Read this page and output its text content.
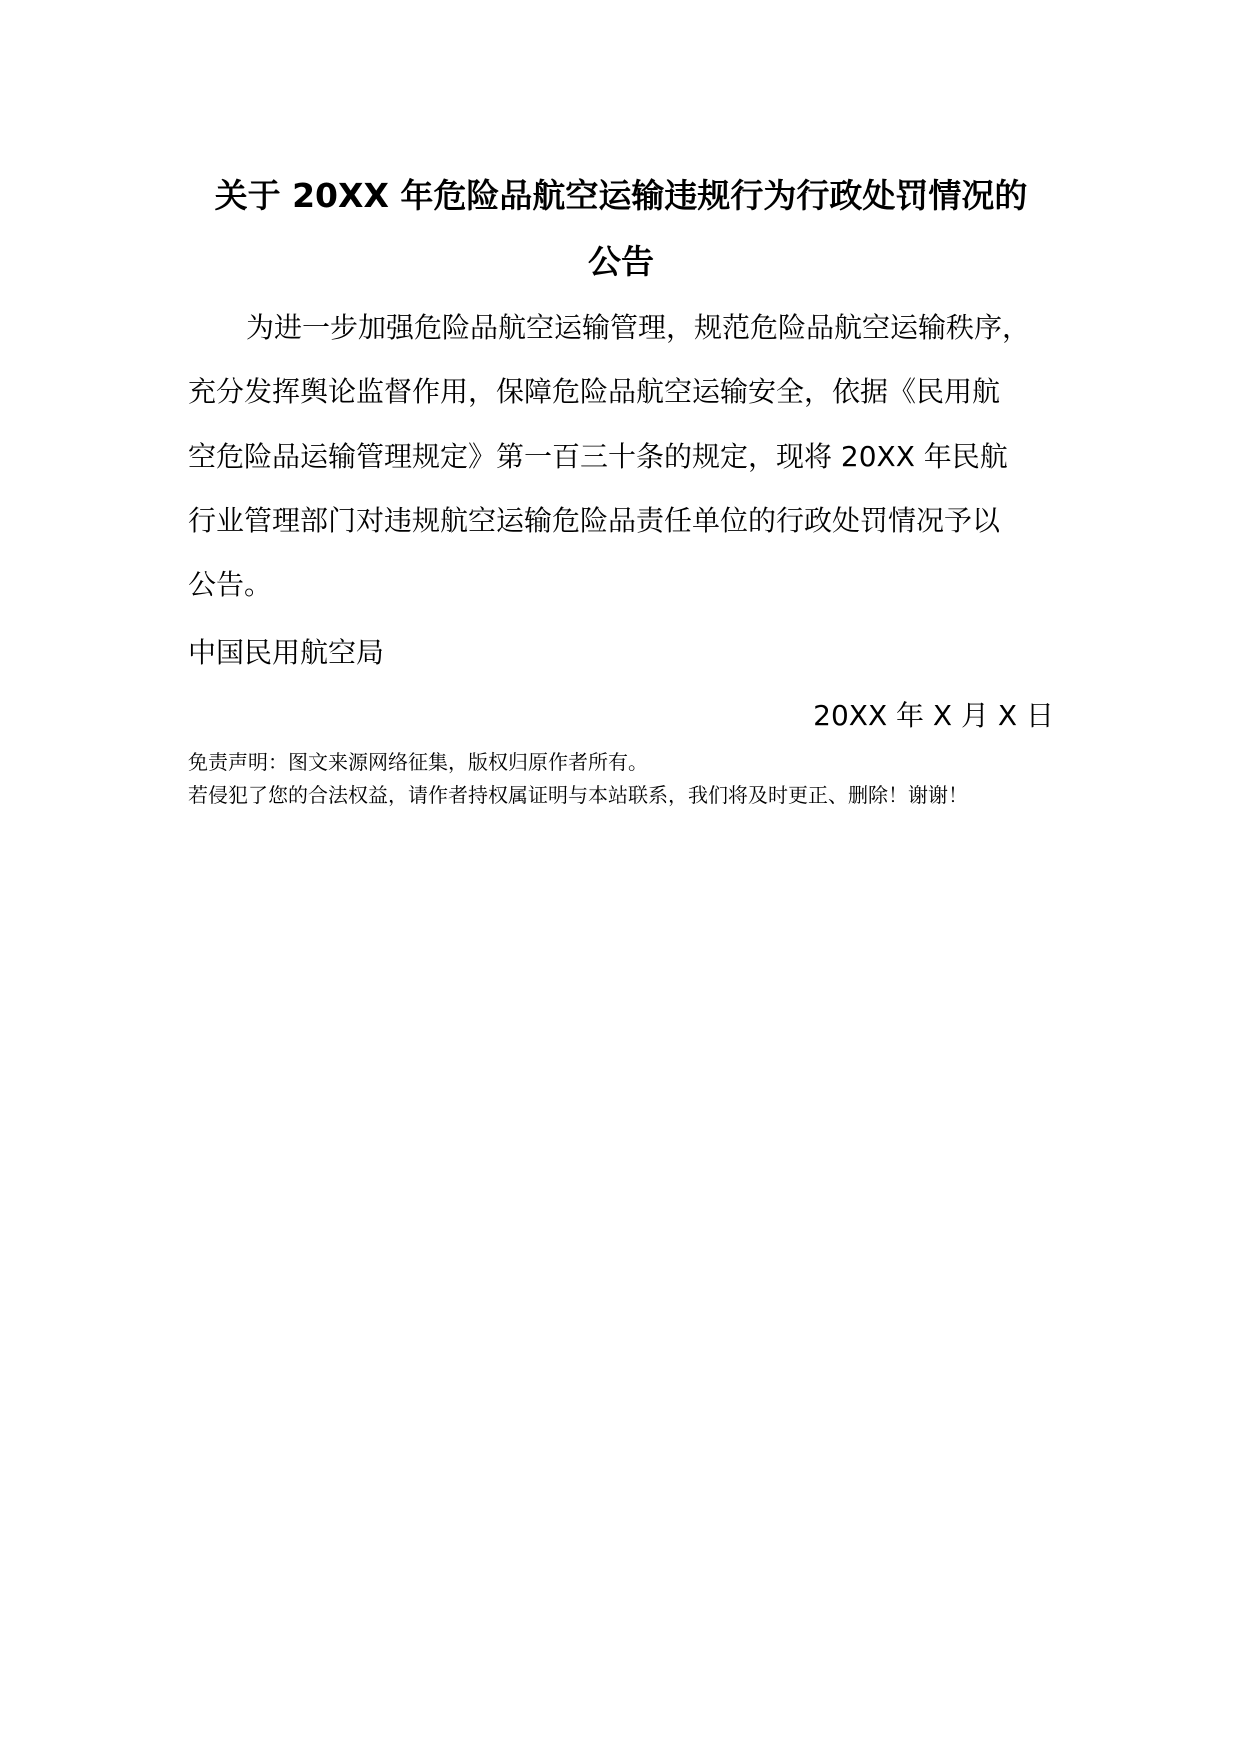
关于 20XX 年危险品航空运输违规行为行政处罚情况的
公告

为进一步加强危险品航空运输管理，规范危险品航空运输秩序，

充分发挥舆论监督作用，保障危险品航空运输安全，依据《民用航

空危险品运输管理规定》第一百三十条的规定，现将 20XX 年民航

行业管理部门对违规航空运输危险品责任单位的行政处罚情况予以

公告。

中国民用航空局

20XX 年 X 月 X 日

免责声明：图文来源网络征集，版权归原作者所有。

若侵犯了您的合法权益，请作者持权属证明与本站联系，我们将及时更正、删除！谢谢！
